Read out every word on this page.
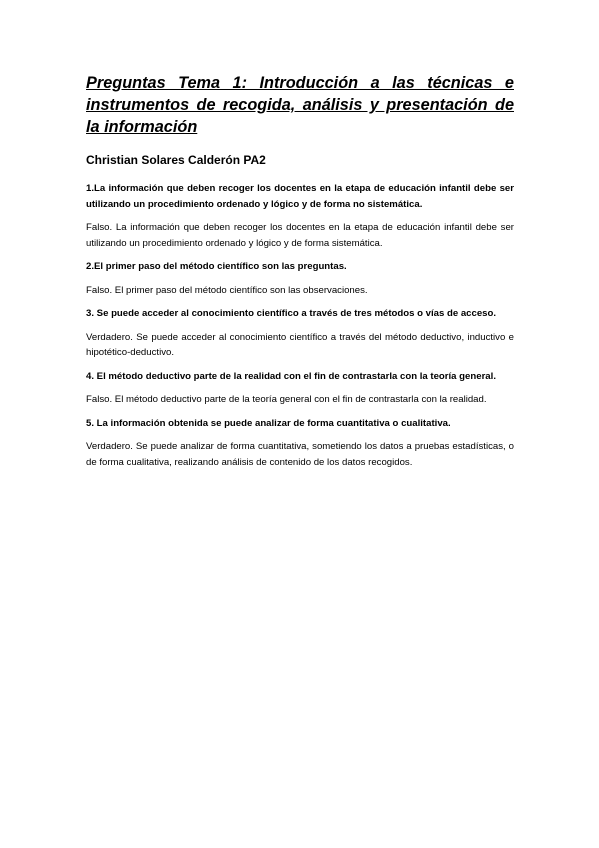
Preguntas Tema 1: Introducción a las técnicas e instrumentos de recogida, análisis y presentación de la información
Christian Solares Calderón PA2
1.La información que deben recoger los docentes en la etapa de educación infantil debe ser utilizando un procedimiento ordenado y lógico y de forma no sistemática.
Falso. La información que deben recoger los docentes en la etapa de educación infantil debe ser utilizando un procedimiento ordenado y lógico y de forma sistemática.
2.El primer paso del método científico son las preguntas.
Falso. El primer paso del método científico son las observaciones.
3. Se puede acceder al conocimiento científico a través de tres métodos o vías de acceso.
Verdadero. Se puede acceder al conocimiento científico a través del método deductivo, inductivo e hipotético-deductivo.
4. El método deductivo parte de la realidad con el fin de contrastarla con la teoría general.
Falso. El método deductivo parte de la teoría general con el fin de contrastarla con la realidad.
5. La información obtenida se puede analizar de forma cuantitativa o cualitativa.
Verdadero. Se puede analizar de forma cuantitativa, sometiendo los datos a pruebas estadísticas, o de forma cualitativa, realizando análisis de contenido de los datos recogidos.
